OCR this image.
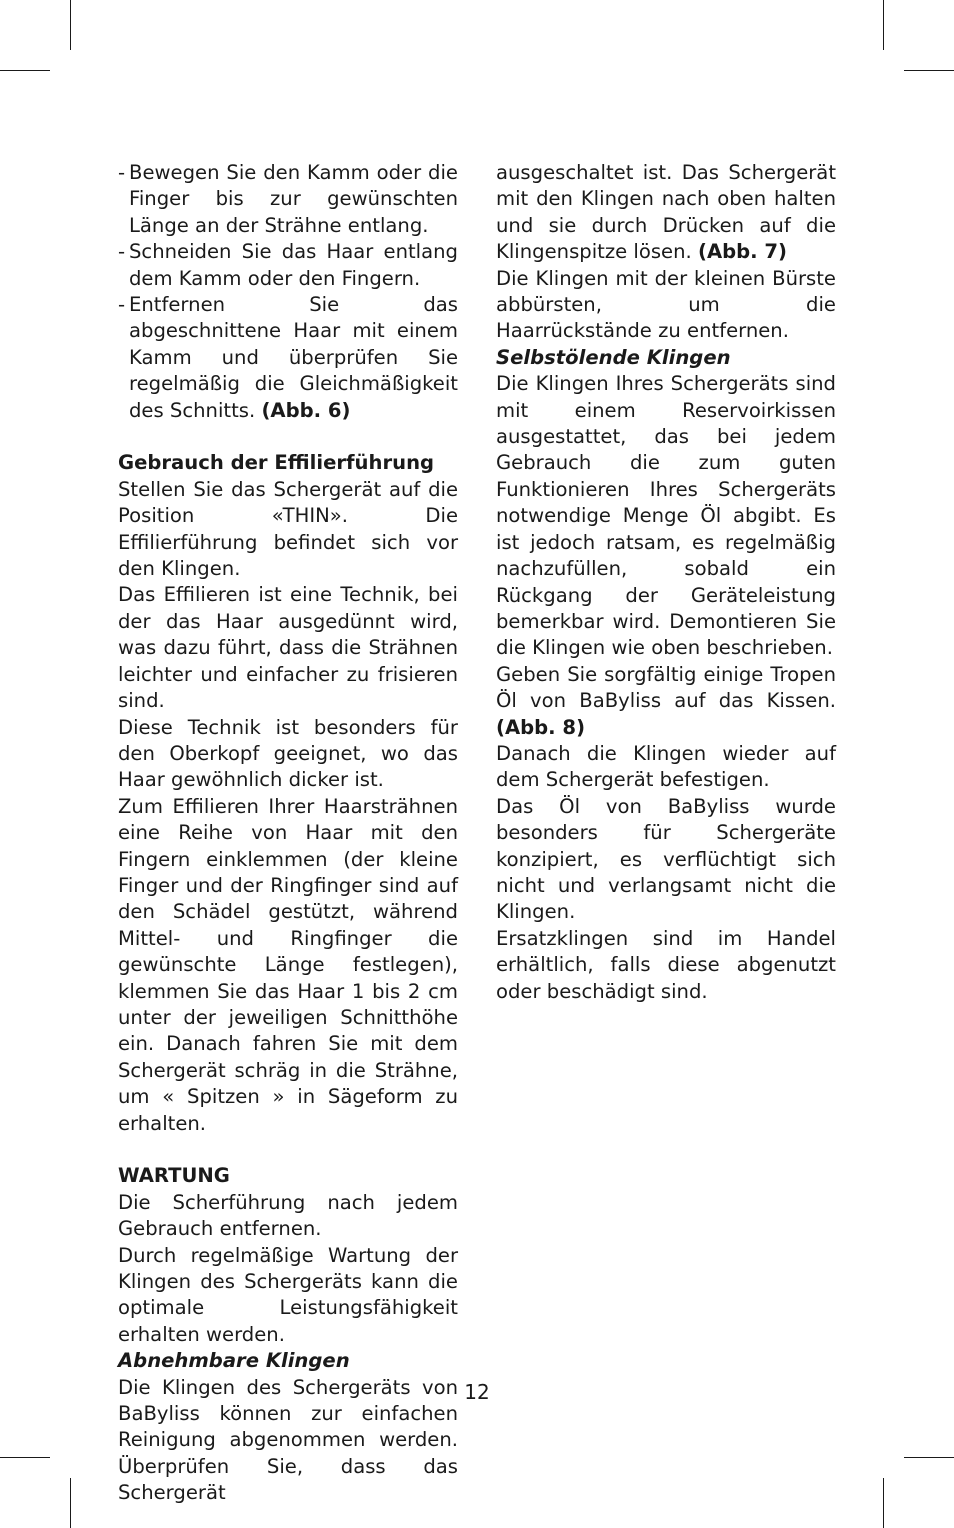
- Bewegen Sie den Kamm oder die Finger bis zur gewünschten Länge an der Strähne entlang.
- Schneiden Sie das Haar entlang dem Kamm oder den Fingern.
- Entfernen Sie das abgeschnittene Haar mit einem Kamm und überprüfen Sie regelmäßig die Gleichmäßigkeit des Schnitts. (Abb. 6)

Gebrauch der Effilierführung

Stellen Sie das Schergerät auf die Position «THIN». Die Effilierführung befindet sich vor den Klingen.

Das Effilieren ist eine Technik, bei der das Haar ausgedünnt wird, was dazu führt, dass die Strähnen leichter und einfacher zu frisieren sind.

Diese Technik ist besonders für den Oberkopf geeignet, wo das Haar gewöhnlich dicker ist.

Zum Effilieren Ihrer Haarsträhnen eine Reihe von Haar mit den Fingern einklemmen (der kleine Finger und der Ringfinger sind auf den Schädel gestützt, während Mittel- und Ringfinger die gewünschte Länge festlegen), klemmen Sie das Haar 1 bis 2 cm unter der jeweiligen Schnitthöhe ein. Danach fahren Sie mit dem Schergerät schräg in die Strähne, um « Spitzen » in Sägeform zu erhalten.

WARTUNG

Die Scherführung nach jedem Gebrauch entfernen.

Durch regelmäßige Wartung der Klingen des Schergeräts kann die optimale Leistungsfähigkeit erhalten werden.

Abnehmbare Klingen

Die Klingen des Schergeräts von BaByliss können zur einfachen Reinigung abgenommen werden. Überprüfen Sie, dass das Schergerät

ausgeschaltet ist. Das Schergerät mit den Klingen nach oben halten und sie durch Drücken auf die Klingenspitze lösen. (Abb. 7)

Die Klingen mit der kleinen Bürste abbürsten, um die Haarrückstände zu entfernen.

Selbstölende Klingen

Die Klingen Ihres Schergeräts sind mit einem Reservoirkissen ausgestattet, das bei jedem Gebrauch die zum guten Funktionieren Ihres Schergeräts notwendige Menge Öl abgibt. Es ist jedoch ratsam, es regelmäßig nachzufüllen, sobald ein Rückgang der Geräteleistung bemerkbar wird. Demontieren Sie die Klingen wie oben beschrieben.

Geben Sie sorgfältig einige Tropen Öl von BaByliss auf das Kissen. (Abb. 8)

Danach die Klingen wieder auf dem Schergerät befestigen.

Das Öl von BaByliss wurde besonders für Schergeräte konzipiert, es verflüchtigt sich nicht und verlangsamt nicht die Klingen.

Ersatzklingen sind im Handel erhältlich, falls diese abgenutzt oder beschädigt sind.

12
